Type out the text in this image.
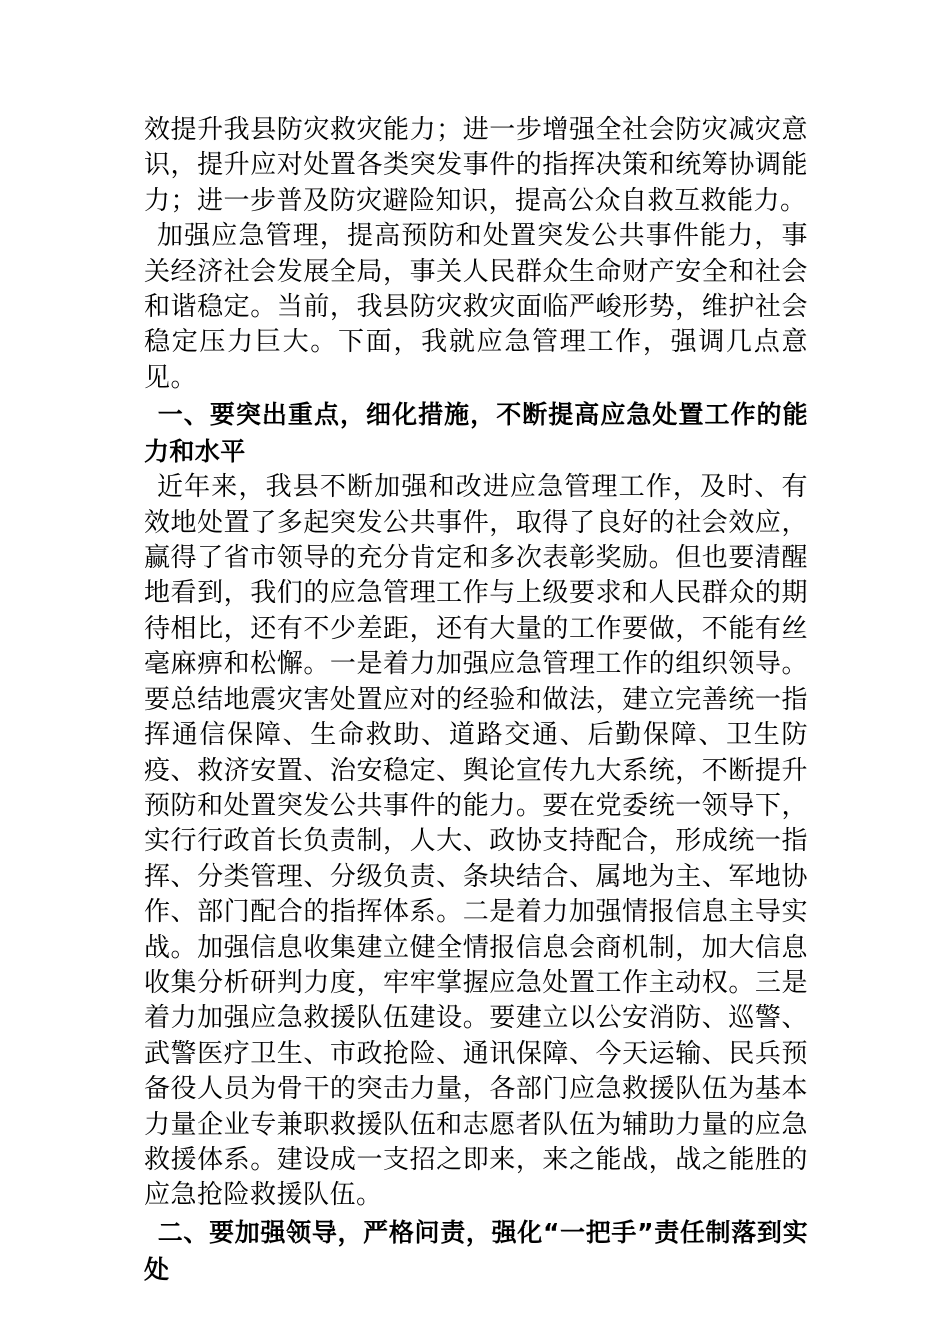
效提升我县防灾救灾能力；进一步增强全社会防灾减灾意识，提升应对处置各类突发事件的指挥决策和统筹协调能力；进一步普及防灾避险知识，提高公众自救互救能力。

加强应急管理，提高预防和处置突发公共事件能力，事关经济社会发展全局，事关人民群众生命财产安全和社会和谐稳定。当前，我县防灾救灾面临严峻形势，维护社会稳定压力巨大。下面，我就应急管理工作，强调几点意见。

一、要突出重点，细化措施，不断提高应急处置工作的能力和水平

近年来，我县不断加强和改进应急管理工作，及时、有效地处置了多起突发公共事件，取得了良好的社会效应，赢得了省市领导的充分肯定和多次表彰奖励。但也要清醒地看到，我们的应急管理工作与上级要求和人民群众的期待相比，还有不少差距，还有大量的工作要做，不能有丝毫麻痹和松懈。一是着力加强应急管理工作的组织领导。要总结地震灾害处置应对的经验和做法，建立完善统一指挥通信保障、生命救助、道路交通、后勤保障、卫生防疫、救济安置、治安稳定、舆论宣传九大系统，不断提升预防和处置突发公共事件的能力。要在党委统一领导下，实行行政首长负责制，人大、政协支持配合，形成统一指挥、分类管理、分级负责、条块结合、属地为主、军地协作、部门配合的指挥体系。二是着力加强情报信息主导实战。加强信息收集建立健全情报信息会商机制，加大信息收集分析研判力度，牢牢掌握应急处置工作主动权。三是着力加强应急救援队伍建设。要建立以公安消防、巡警、武警医疗卫生、市政抢险、通讯保障、今天运输、民兵预备役人员为骨干的突击力量，各部门应急救援队伍为基本力量企业专兼职救援队伍和志愿者队伍为辅助力量的应急救援体系。建设成一支招之即来，来之能战，战之能胜的应急抢险救援队伍。

二、要加强领导，严格问责，强化“一把手”责任制落到实处
